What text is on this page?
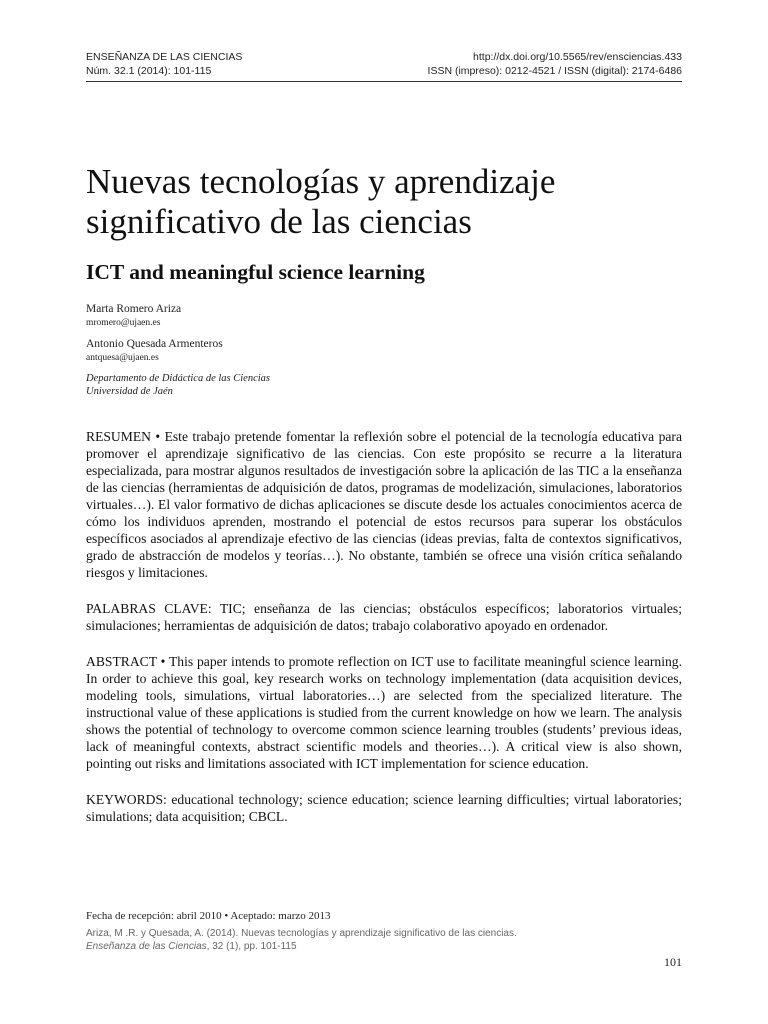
ENSEÑANZA DE LAS CIENCIAS	http://dx.doi.org/10.5565/rev/ensciencias.433
Núm. 32.1 (2014): 101-115	ISSN (impreso): 0212-4521 / ISSN (digital): 2174-6486
Nuevas tecnologías y aprendizaje significativo de las ciencias
ICT and meaningful science learning
Marta Romero Ariza
mromero@ujaen.es
Antonio Quesada Armenteros
antquesa@ujaen.es
Departamento de Didáctica de las Ciencias
Universidad de Jaén

RESUMEN • Este trabajo pretende fomentar la reflexión sobre el potencial de la tecnología educativa para promover el aprendizaje significativo de las ciencias. Con este propósito se recurre a la literatura especializada, para mostrar algunos resultados de investigación sobre la aplicación de las TIC a la enseñanza de las ciencias (herramientas de adquisición de datos, programas de modelización, simulaciones, laboratorios virtuales…). El valor formativo de dichas aplicaciones se discute desde los actuales conocimientos acerca de cómo los individuos aprenden, mostrando el potencial de estos recursos para superar los obstáculos específicos asociados al aprendizaje efectivo de las ciencias (ideas previas, falta de contextos significativos, grado de abstracción de modelos y teorías…). No obstante, también se ofrece una visión crítica señalando riesgos y limitaciones.

PALABRAS CLAVE: TIC; enseñanza de las ciencias; obstáculos específicos; laboratorios virtuales; simulaciones; herramientas de adquisición de datos; trabajo colaborativo apoyado en ordenador.

ABSTRACT • This paper intends to promote reflection on ICT use to facilitate meaningful science learning. In order to achieve this goal, key research works on technology implementation (data acquisition devices, modeling tools, simulations, virtual laboratories…) are selected from the specialized literature. The instructional value of these applications is studied from the current knowledge on how we learn. The analysis shows the potential of technology to overcome common science learning troubles (students’ previous ideas, lack of meaningful contexts, abstract scientific models and theories…). A critical view is also shown, pointing out risks and limitations associated with ICT implementation for science education.

KEYWORDS: educational technology; science education; science learning difficulties; virtual laboratories; simulations; data acquisition; CBCL.

Fecha de recepción: abril 2010 • Aceptado: marzo 2013
Ariza, M .R. y Quesada, A. (2014). Nuevas tecnologías y aprendizaje significativo de las ciencias. Enseñanza de las Ciencias, 32 (1), pp. 101-115
101
